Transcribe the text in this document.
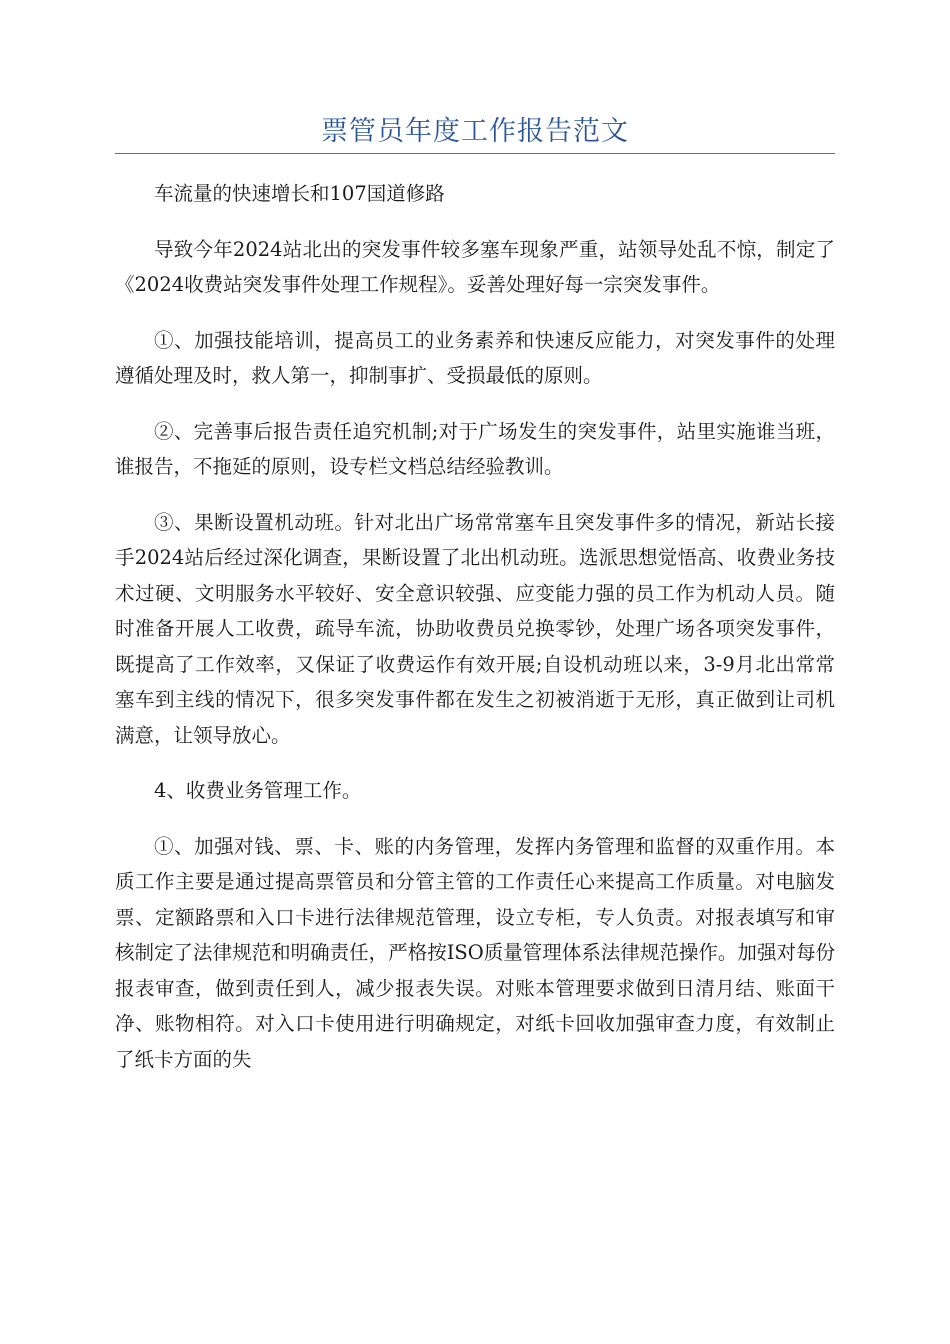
票管员年度工作报告范文

车流量的快速增长和107国道修路

导致今年2024站北出的突发事件较多塞车现象严重，站领导处乱不惊，制定了《2024收费站突发事件处理工作规程》。妥善处理好每一宗突发事件。

①、加强技能培训，提高员工的业务素养和快速反应能力，对突发事件的处理遵循处理及时，救人第一，抑制事扩、受损最低的原则。

②、完善事后报告责任追究机制;对于广场发生的突发事件，站里实施谁当班，谁报告，不拖延的原则，设专栏文档总结经验教训。

③、果断设置机动班。针对北出广场常常塞车且突发事件多的情况，新站长接手2024站后经过深化调查，果断设置了北出机动班。选派思想觉悟高、收费业务技术过硬、文明服务水平较好、安全意识较强、应变能力强的员工作为机动人员。随时准备开展人工收费，疏导车流，协助收费员兑换零钞，处理广场各项突发事件，既提高了工作效率，又保证了收费运作有效开展;自设机动班以来，3-9月北出常常塞车到主线的情况下，很多突发事件都在发生之初被消逝于无形，真正做到让司机满意，让领导放心。

4、收费业务管理工作。

①、加强对钱、票、卡、账的内务管理，发挥内务管理和监督的双重作用。本质工作主要是通过提高票管员和分管主管的工作责任心来提高工作质量。对电脑发票、定额路票和入口卡进行法律规范管理，设立专柜，专人负责。对报表填写和审核制定了法律规范和明确责任，严格按ISO质量管理体系法律规范操作。加强对每份报表审查，做到责任到人，减少报表失误。对账本管理要求做到日清月结、账面干净、账物相符。对入口卡使用进行明确规定，对纸卡回收加强审查力度，有效制止了纸卡方面的失
